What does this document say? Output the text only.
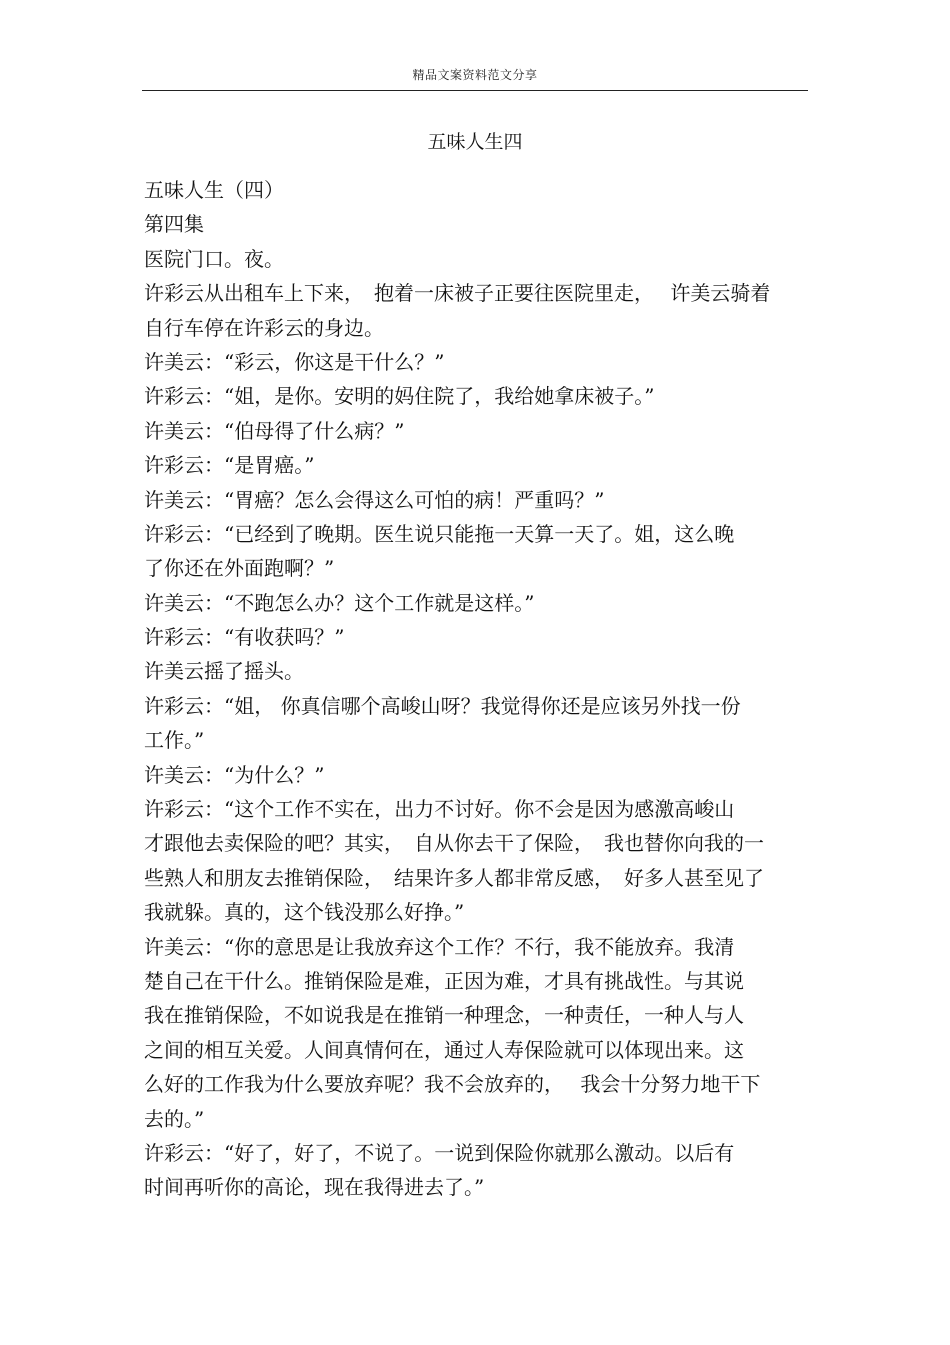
精品文案资料范文分享
五味人生四
五味人生（四）
第四集
医院门口。夜。
许彩云从出租车上下来，　抱着一床被子正要往医院里走，　 许美云骑着
自行车停在许彩云的身边。
许美云：“彩云，你这是干什么？”
许彩云：“姐，是你。安明的妈住院了，我给她拿床被子。”
许美云：“伯母得了什么病？”
许彩云：“是胃癌。”
许美云：“胃癌？怎么会得这么可怕的病！严重吗？”
许彩云：“已经到了晚期。医生说只能拖一天算一天了。姐，这么晚
了你还在外面跑啊？”
许美云：“不跑怎么办？这个工作就是这样。”
许彩云：“有收获吗？”
许美云摇了摇头。
许彩云：“姐， 你真信哪个高峻山呀？我觉得你还是应该另外找一份
工作。”
许美云：“为什么？”
许彩云：“这个工作不实在，出力不讨好。你不会是因为感激高峻山
才跟他去卖保险的吧？其实，　自从你去干了保险，　我也替你向我的一
些熟人和朋友去推销保险，　结果许多人都非常反感，　好多人甚至见了
我就躲。真的，这个钱没那么好挣。”
许美云：“你的意思是让我放弃这个工作？不行，我不能放弃。我清
楚自己在干什么。推销保险是难，正因为难，才具有挑战性。与其说
我在推销保险，不如说我是在推销一种理念，一种责任，一种人与人
之间的相互关爱。人间真情何在，通过人寿保险就可以体现出来。这
么好的工作我为什么要放弃呢？我不会放弃的，　 我会十分努力地干下
去的。”
许彩云：“好了，好了，不说了。一说到保险你就那么激动。以后有
时间再听你的高论，现在我得进去了。”
